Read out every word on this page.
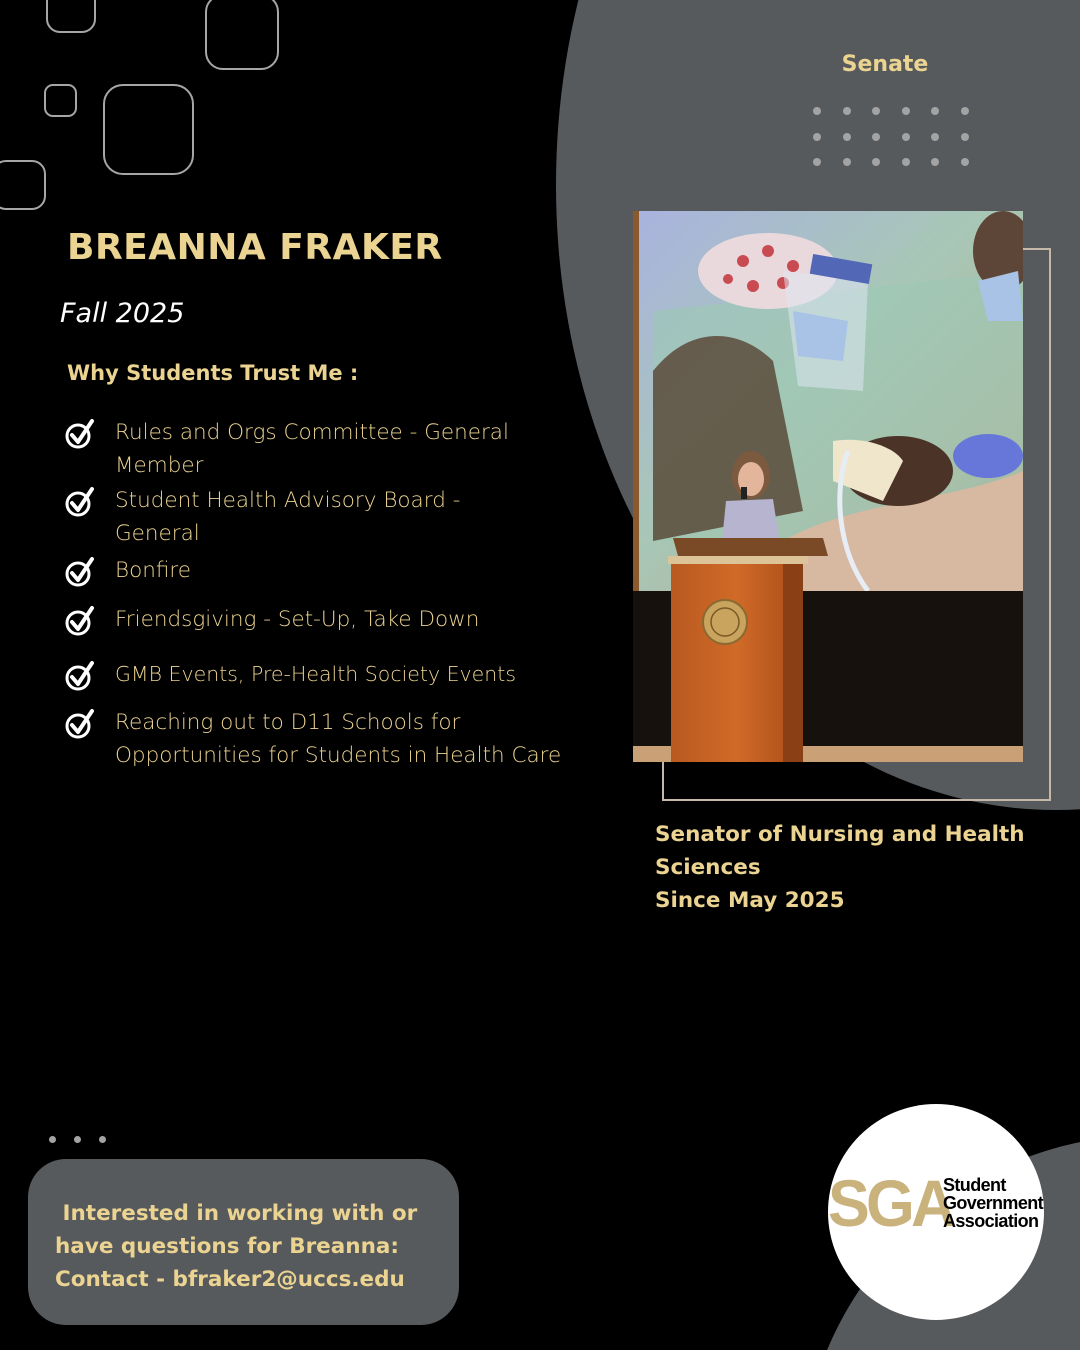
Senate
BREANNA FRAKER
Fall 2025
Why Students Trust Me :
Rules and Orgs Committee - General Member
Student Health Advisory Board - General
Bonfire
Friendsgiving - Set-Up, Take Down
GMB Events, Pre-Health Society Events
Reaching out to D11 Schools for Opportunities for Students in Health Care
Senator of Nursing and Health
Sciences
Since May 2025
Interested in working with or
have questions for Breanna:
Contact - bfraker2@uccs.edu
SGA
Student
Government
Association
